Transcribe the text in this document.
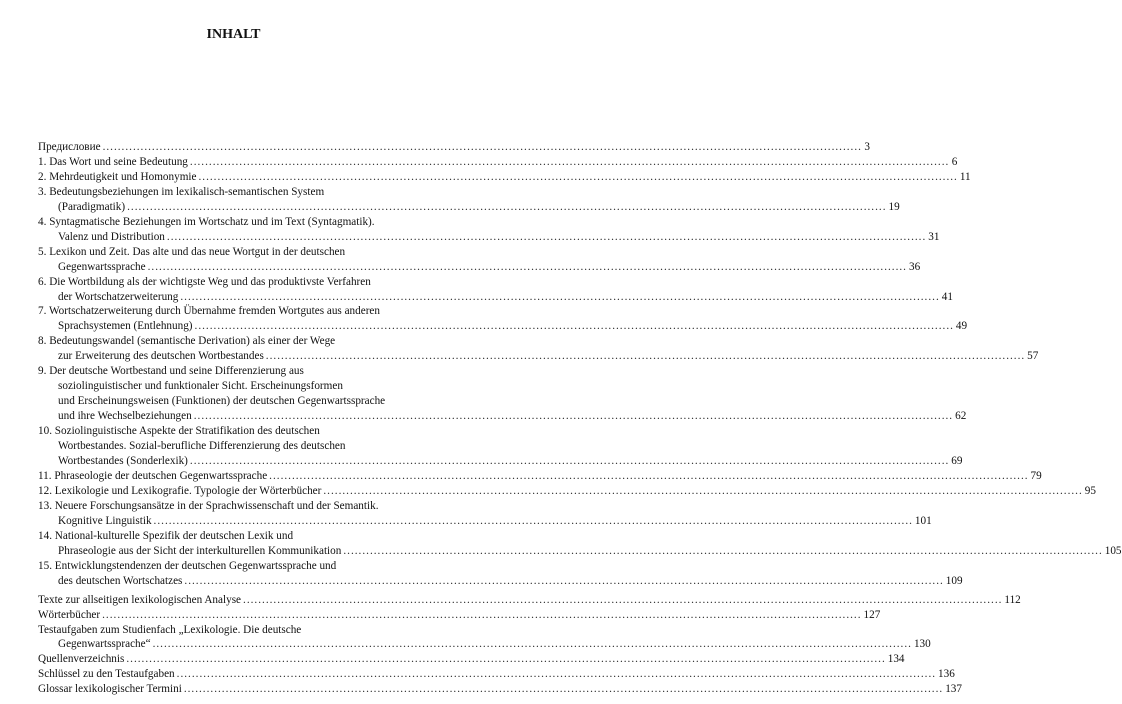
INHALT
Предисловие ........................................................................................................................................................................................................ 3
1. Das Wort und seine Bedeutung ........................................................................................................................................................................................................ 6
2. Mehrdeutigkeit und Homonymie ........................................................................................................................................................................................................ 11
3. Bedeutungsbeziehungen im lexikalisch-semantischen System
(Paradigmatik) ........................................................................................................................................................................................................ 19
4. Syntagmatische Beziehungen im Wortschatz und im Text (Syntagmatik).
Valenz und Distribution ........................................................................................................................................................................................................ 31
5. Lexikon und Zeit. Das alte und das neue Wortgut in der deutschen
Gegenwartssprache ........................................................................................................................................................................................................ 36
6. Die Wortbildung als der wichtigste Weg und das produktivste Verfahren
der Wortschatzerweiterung ........................................................................................................................................................................................................ 41
7. Wortschatzerweiterung durch Übernahme fremden Wortgutes aus anderen
Sprachsystemen (Entlehnung) ........................................................................................................................................................................................................ 49
8. Bedeutungswandel (semantische Derivation) als einer der Wege
zur Erweiterung des deutschen Wortbestandes ........................................................................................................................................................................................................ 57
9. Der deutsche Wortbestand und seine Differenzierung aus
soziolinguistischer und funktionaler Sicht. Erscheinungsformen
und Erscheinungsweisen (Funktionen) der deutschen Gegenwartssprache
und ihre Wechselbeziehungen ........................................................................................................................................................................................................ 62
10. Soziolinguistische Aspekte der Stratifikation des deutschen
Wortbestandes. Sozial-berufliche Differenzierung des deutschen
Wortbestandes (Sonderlexik) ........................................................................................................................................................................................................ 69
11. Phraseologie der deutschen Gegenwartssprache ........................................................................................................................................................................................................ 79
12. Lexikologie und Lexikografie. Typologie der Wörterbücher ........................................................................................................................................................................................................ 95
13. Neuere Forschungsansätze in der Sprachwissenschaft und der Semantik.
Kognitive Linguistik ........................................................................................................................................................................................................ 101
14. National-kulturelle Spezifik der deutschen Lexik und
Phraseologie aus der Sicht der interkulturellen Kommunikation ........................................................................................................................................................................................................ 105
15. Entwicklungstendenzen der deutschen Gegenwartssprache und
des deutschen Wortschatzes ........................................................................................................................................................................................................ 109
Texte zur allseitigen lexikologischen Analyse ........................................................................................................................................................................................................ 112
Wörterbücher ........................................................................................................................................................................................................ 127
Testaufgaben zum Studienfach „Lexikologie. Die deutsche
Gegenwartssprache“ ........................................................................................................................................................................................................ 130
Quellenverzeichnis ........................................................................................................................................................................................................ 134
Schlüssel zu den Testaufgaben ........................................................................................................................................................................................................ 136
Glossar lexikologischer Termini ........................................................................................................................................................................................................ 137
